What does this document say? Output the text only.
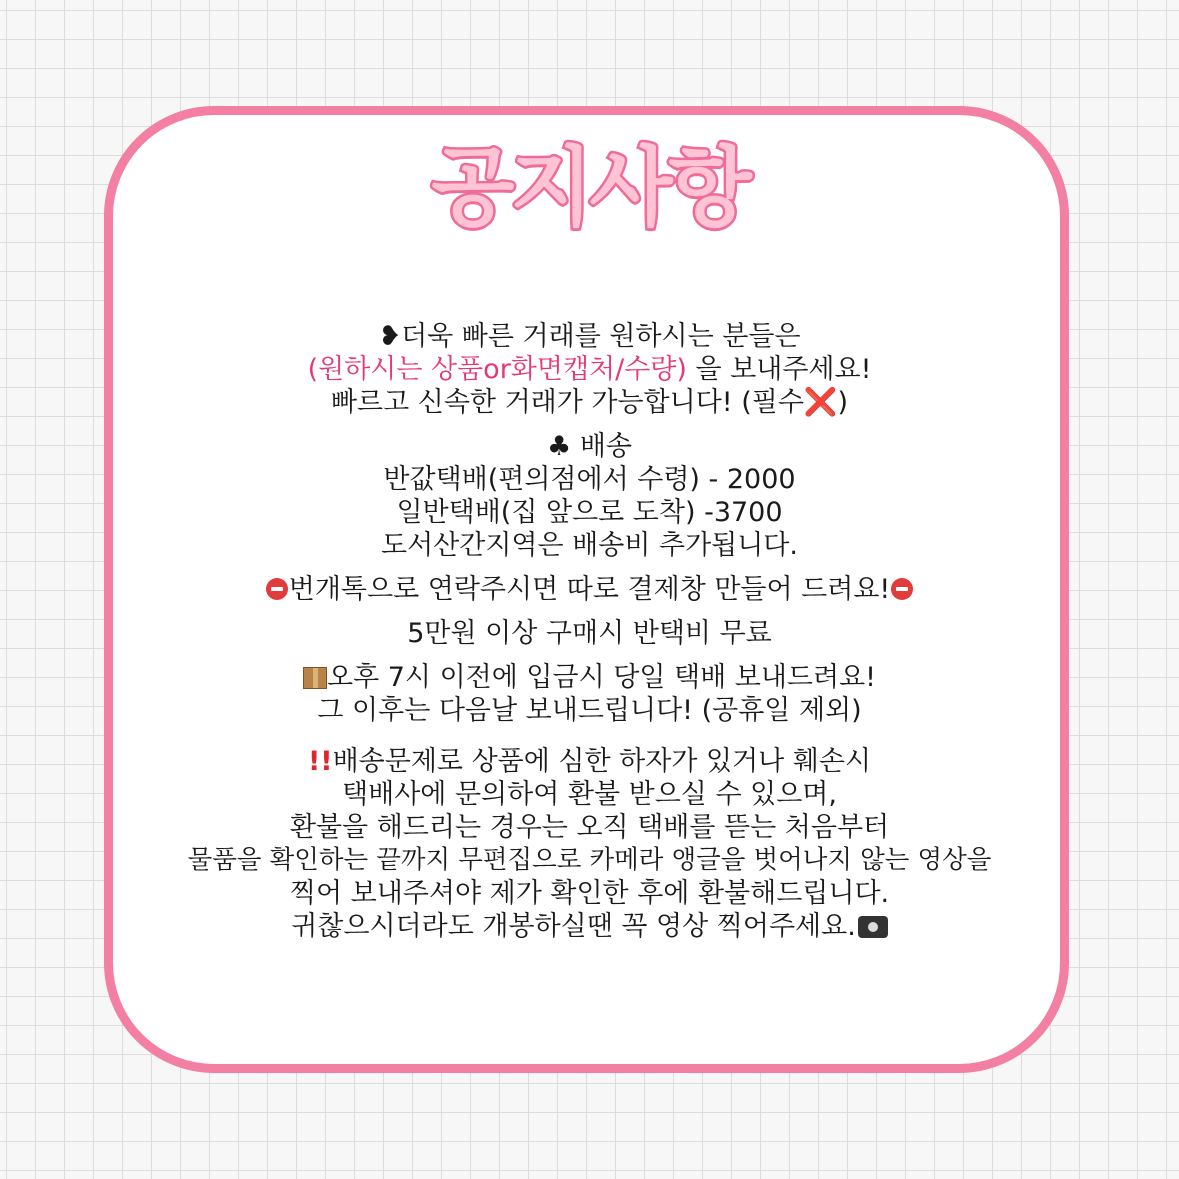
공지사항
❥더욱 빠른 거래를 원하시는 분들은
(원하시는 상품or화면캡처/수량) 을 보내주세요!
빠르고 신속한 거래가 가능합니다! (필수❌)
♣ 배송
반값택배(편의점에서 수령) - 2000
일반택배(집 앞으로 도착) -3700
도서산간지역은 배송비 추가됩니다.
번개톡으로 연락주시면 따로 결제창 만들어 드려요!
5만원 이상 구매시 반택비 무료
오후 7시 이전에 입금시 당일 택배 보내드려요!
그 이후는 다음날 보내드립니다! (공휴일 제외)
!!배송문제로 상품에 심한 하자가 있거나 훼손시
택배사에 문의하여 환불 받으실 수 있으며,
환불을 해드리는 경우는 오직 택배를 뜯는 처음부터
물품을 확인하는 끝까지 무편집으로 카메라 앵글을 벗어나지 않는 영상을
찍어 보내주셔야 제가 확인한 후에 환불해드립니다.
귀찮으시더라도 개봉하실땐 꼭 영상 찍어주세요.
